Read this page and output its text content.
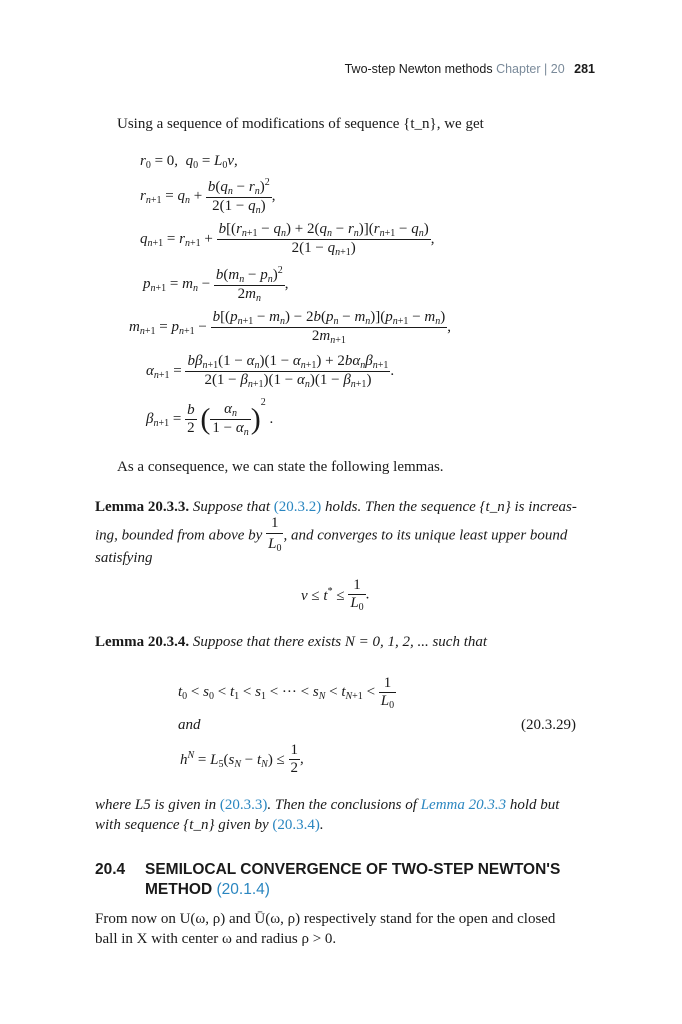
Two-step Newton methods Chapter | 20 281
Using a sequence of modifications of sequence {t_n}, we get
$r_0 = 0$,  $q_0 = L_0\nu$,
$r_{n+1} = q_n + \frac{b(q_n - r_n)^2}{2(1 - q_n)}$ ,
$q_{n+1} = r_{n+1} + \frac{b[(r_{n+1} - q_n) + 2(q_n - r_n)](r_{n+1} - q_n)}{2(1 - q_{n+1})}$ ,
$p_{n+1} = m_n - \frac{b(m_n - p_n)^2}{2m_n}$ ,
$m_{n+1} = p_{n+1} - \frac{b[(p_{n+1} - m_n) - 2b(p_n - m_n)](p_{n+1} - m_n)}{2m_{n+1}}$ ,
$\alpha_{n+1} = \frac{b\beta_{n+1}(1 - \alpha_n)(1 - \alpha_{n+1}) + 2b\alpha_n\beta_{n+1}}{2(1 - \beta_{n+1})(1 - \alpha_n)(1 - \beta_{n+1})}$ .
$\beta_{n+1} = \frac{b}{2}$ ( $\frac{\alpha_n}{1 - \alpha_n} )^2$ .
As a consequence, we can state the following lemmas.
Lemma 20.3.3. Suppose that (20.3.2) holds. Then the sequence {t_n} is increas-
ing, bounded from above by $\frac{1}{L_0}$ , and converges to its unique least upper bound
satisfying
$\nu \le t^* \le \frac{1}{L_0}$ .
Lemma 20.3.4. Suppose that there exists N = 0, 1, 2, ... such that
$t_0 < s_0 < t_1 < s_1$ < ··· < $s_N < t_{N+1} < \frac{1}{L_0}$
and	(20.3.29)
$h^N = L_5(s_N - t_N) \le \frac{1}{2}$ ,
where L5 is given in (20.3.3). Then the conclusions of Lemma 20.3.3 hold but
with sequence {t_n} given by (20.3.4).
20.4 SEMILOCAL CONVERGENCE OF TWO-STEP NEWTON'S
METHOD (20.1.4)
From now on U(ω, ρ) and Ū(ω, ρ) respectively stand for the open and closed
ball in X with center ω and radius ρ > 0.
